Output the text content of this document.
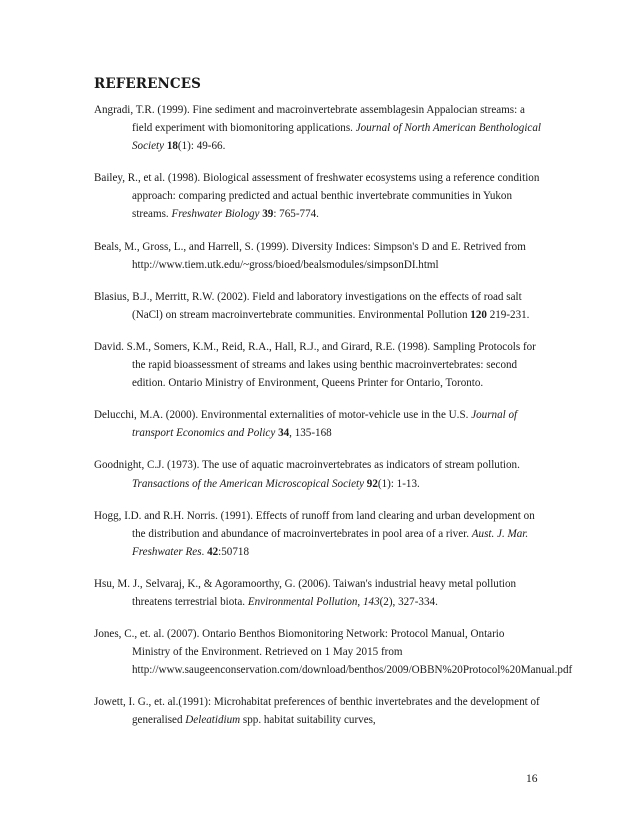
REFERENCES

Angradi, T.R. (1999). Fine sediment and macroinvertebrate assemblagesin Appalocian streams: a field experiment with biomonitoring applications. Journal of North American Benthological Society 18(1): 49-66.

Bailey, R., et al. (1998). Biological assessment of freshwater ecosystems using a reference condition approach: comparing predicted and actual benthic invertebrate communities in Yukon streams. Freshwater Biology 39: 765-774.

Beals, M., Gross, L., and Harrell, S. (1999). Diversity Indices: Simpson's D and E. Retrived from http://www.tiem.utk.edu/~gross/bioed/bealsmodules/simpsonDI.html

Blasius, B.J., Merritt, R.W. (2002). Field and laboratory investigations on the effects of road salt (NaCl) on stream macroinvertebrate communities. Environmental Pollution 120 219-231.

David. S.M., Somers, K.M., Reid, R.A., Hall, R.J., and Girard, R.E. (1998). Sampling Protocols for the rapid bioassessment of streams and lakes using benthic macroinvertebrates: second edition. Ontario Ministry of Environment, Queens Printer for Ontario, Toronto.

Delucchi, M.A. (2000). Environmental externalities of motor-vehicle use in the U.S. Journal of transport Economics and Policy 34, 135-168

Goodnight, C.J. (1973). The use of aquatic macroinvertebrates as indicators of stream pollution. Transactions of the American Microscopical Society 92(1): 1-13.

Hogg, I.D. and R.H. Norris. (1991). Effects of runoff from land clearing and urban development on the distribution and abundance of macroinvertebrates in pool area of a river. Aust. J. Mar. Freshwater Res. 42:50718

Hsu, M. J., Selvaraj, K., & Agoramoorthy, G. (2006). Taiwan's industrial heavy metal pollution threatens terrestrial biota. Environmental Pollution, 143(2), 327-334.

Jones, C., et. al. (2007). Ontario Benthos Biomonitoring Network: Protocol Manual, Ontario Ministry of the Environment. Retrieved on 1 May 2015 from http://www.saugeenconservation.com/download/benthos/2009/OBBN%20Protocol%20Manual.pdf

Jowett, I. G., et. al.(1991): Microhabitat preferences of benthic invertebrates and the development of generalised Deleatidium spp. habitat suitability curves,

16
